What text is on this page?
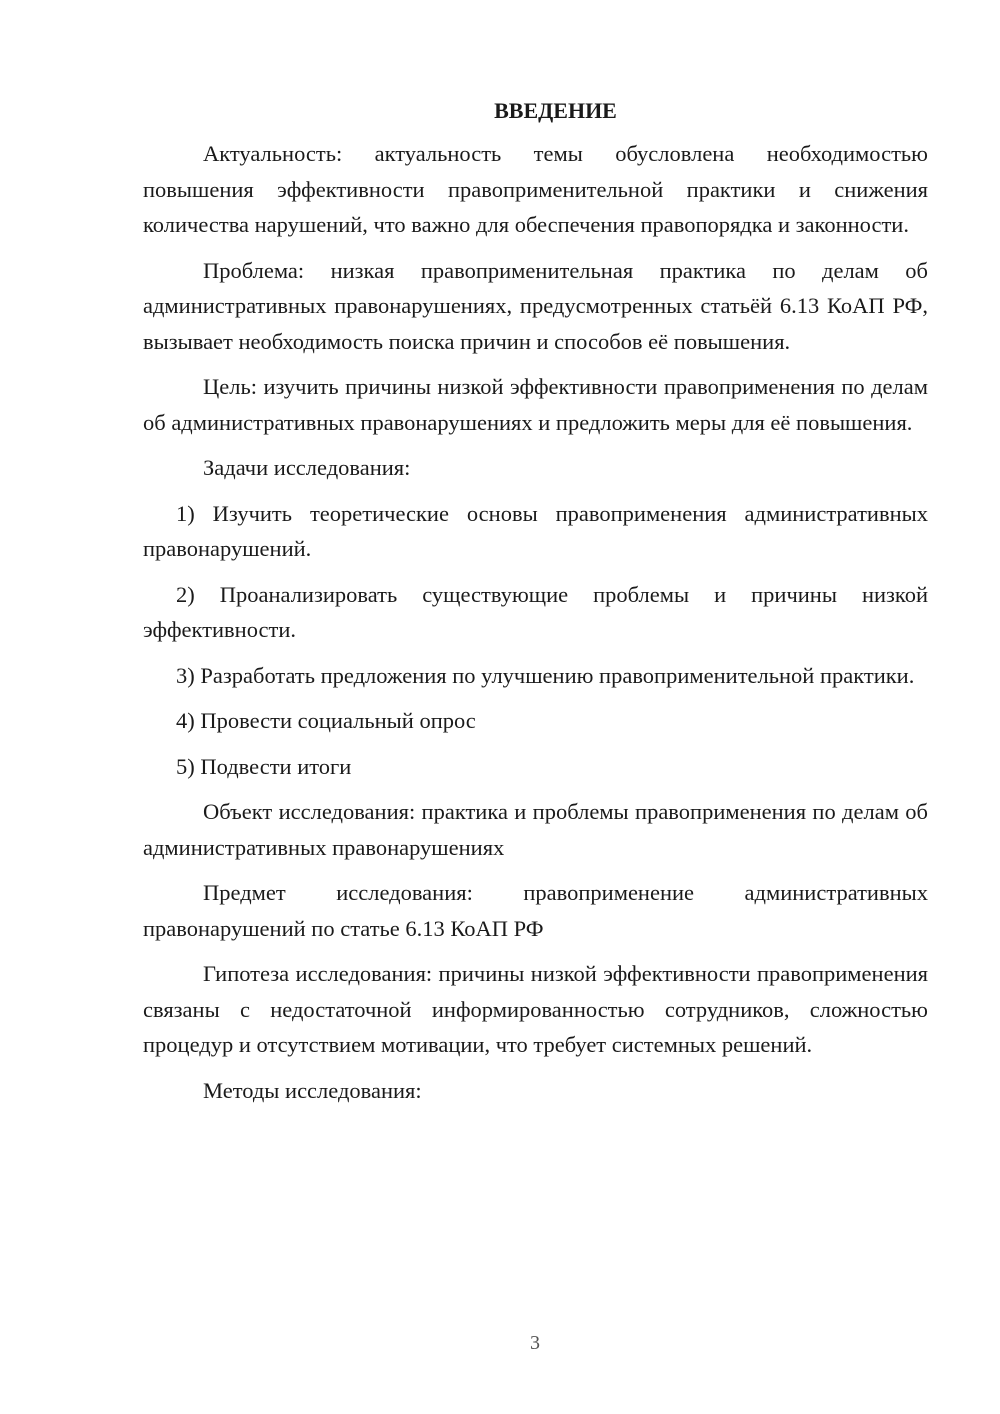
ВВЕДЕНИЕ

Актуальность: актуальность темы обусловлена необходимостью повышения эффективности правоприменительной практики и снижения количества нарушений, что важно для обеспечения правопорядка и законности.

Проблема: низкая правоприменительная практика по делам об административных правонарушениях, предусмотренных статьёй 6.13 КоАП РФ, вызывает необходимость поиска причин и способов её повышения.

Цель: изучить причины низкой эффективности правоприменения по делам об административных правонарушениях и предложить меры для её повышения.

Задачи исследования:

1) Изучить теоретические основы правоприменения административных правонарушений.

2) Проанализировать существующие проблемы и причины низкой эффективности.

3) Разработать предложения по улучшению правоприменительной практики.

4) Провести социальный опрос

5) Подвести итоги

Объект исследования: практика и проблемы правоприменения по делам об административных правонарушениях

Предмет исследования: правоприменение административных правонарушений по статье 6.13 КоАП РФ

Гипотеза исследования: причины низкой эффективности правоприменения связаны с недостаточной информированностью сотрудников, сложностью процедур и отсутствием мотивации, что требует системных решений.

Методы исследования:

3
